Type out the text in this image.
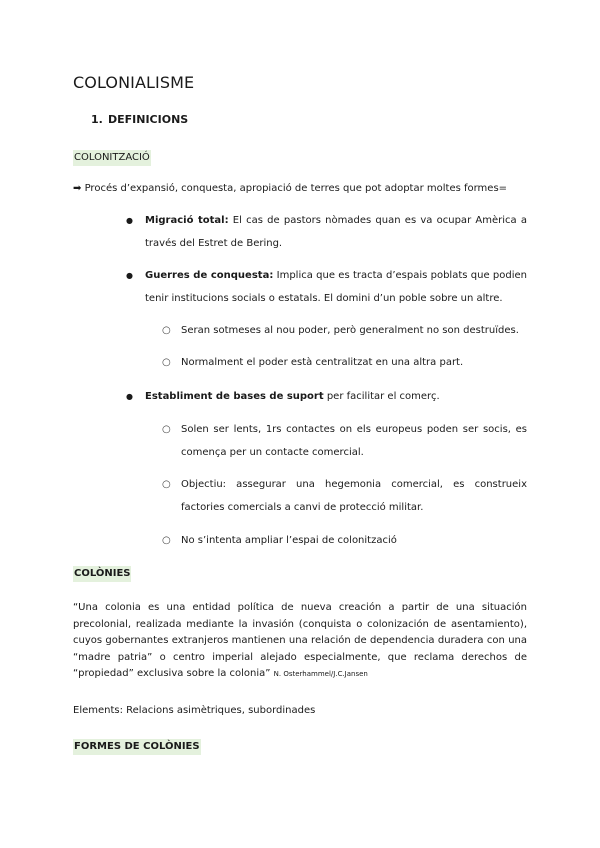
COLONIALISME
1. DEFINICIONS
COLONITZACIÓ
➡ Procés d’expansió, conquesta, apropiació de terres que pot adoptar moltes formes=
●	Migració total: El cas de pastors nòmades quan es va ocupar Amèrica a través del Estret de Bering.
●	Guerres de conquesta: Implica que es tracta d’espais poblats que podien tenir institucions socials o estatals. El domini d’un poble sobre un altre.
○	Seran sotmeses al nou poder, però generalment no son destruïdes.
○	Normalment el poder està centralitzat en una altra part.
●	Establiment de bases de suport per facilitar el comerç.
○	Solen ser lents, 1rs contactes on els europeus poden ser socis, es comença per un contacte comercial.
○	Objectiu: assegurar una hegemonia comercial, es construeix factories comercials a canvi de protecció militar.
○	No s’intenta ampliar l’espai de colonització
COLÒNIES
“Una colonia es una entidad política de nueva creación a partir de una situación precolonial, realizada mediante la invasión (conquista o colonización de asentamiento), cuyos gobernantes extranjeros mantienen una relación de dependencia duradera con una “madre patria” o centro imperial alejado especialmente, que reclama derechos de “propiedad” exclusiva sobre la colonia” N. Osterhammel/J.C.Jansen
Elements: Relacions asimètriques, subordinades
FORMES DE COLÒNIES
